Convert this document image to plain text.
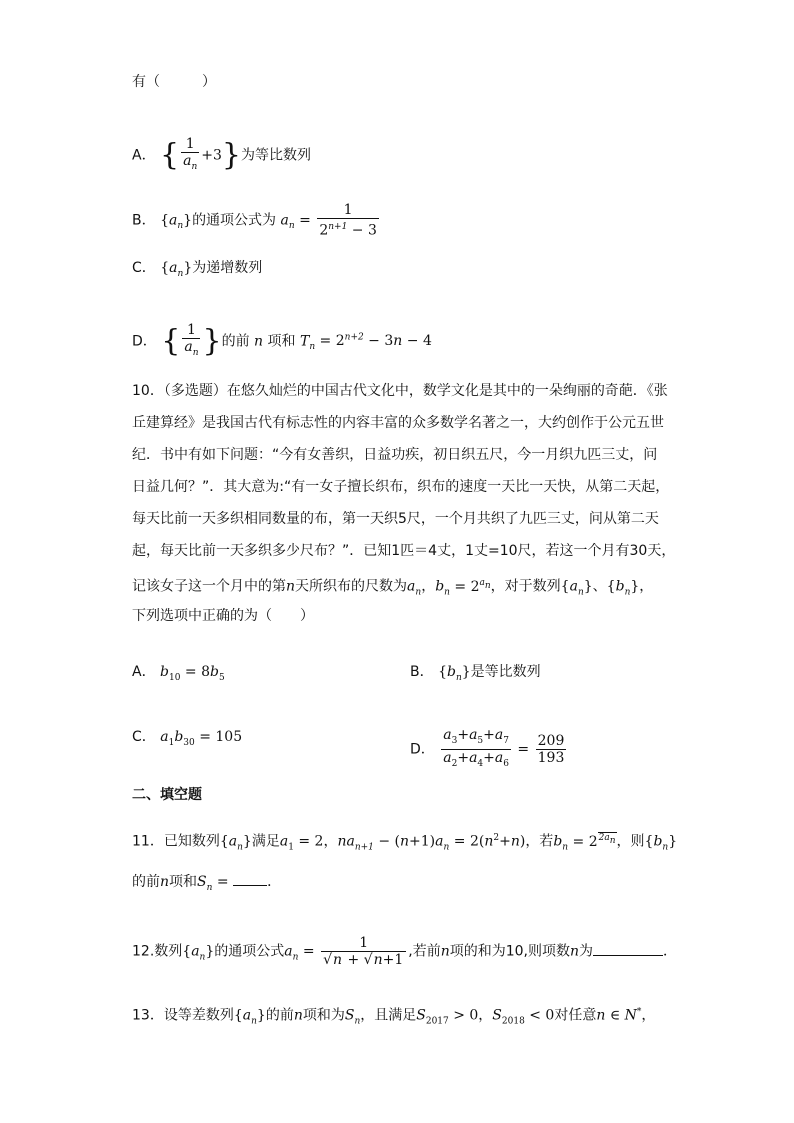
有（　　　）
A． { $\frac{1}{a_n} +3$}为等比数列
B． $\{a_n\}$的通项公式为 $a_n = \frac{1}{2^{n+1} - 3}$
C． $\{a_n\}$为递增数列
D． { $\frac{1}{a_n}$ }的前 n 项和 $T_n = 2^{n+2} - 3n - 4$
10．（多选题）在悠久灿烂的中国古代文化中，数学文化是其中的一朵绚丽的奇葩．《张
丘建算经》是我国古代有标志性的内容丰富的众多数学名著之一，大约创作于公元五世
纪．书中有如下问题：“今有女善织，日益功疾，初日织五尺，今一月织九匹三丈，问
日益几何？”．其大意为:“有一女子擅长织布，织布的速度一天比一天快，从第二天起，
每天比前一天多织相同数量的布，第一天织5尺，一个月共织了九匹三丈，问从第二天
起，每天比前一天多织多少尺布？”．已知1匹＝4丈，1丈=10尺，若这一个月有30天，
记该女子这一个月中的第n天所织布的尺数为$a_n$，$b_n = 2^{a_n}$，对于数列$\{a_n\}$、$\{b_n\}$，
下列选项中正确的为（　　）
A． $b_{10} = 8b_5$	B． $\{b_n\}$是等比数列
C． $a_1b_{30} = 105$
D． $\frac{a_3+a_5+a_7}{a_2+a_4+a_6} = \frac{209}{193}$
二、填空题
11．已知数列$\{a_n\}$满足$a_1 = 2$，$na_{n+1} - (n+1)a_n = 2(n^2+n)$，若$b_n = 2^{2a_n}$，则$\{b_n\}$
的前n项和$S_n$ = ．
12.数列$\{a_n\}$的通项公式$a_n = \frac{1}{√n + √n+1}$ ,若前n项的和为10,则项数n为	．
13．设等差数列$\{a_n\}$的前n项和为$S_n$，且满足$S_{2017} > 0$，$S_{2018} < 0$对任意n ∈ N*，
